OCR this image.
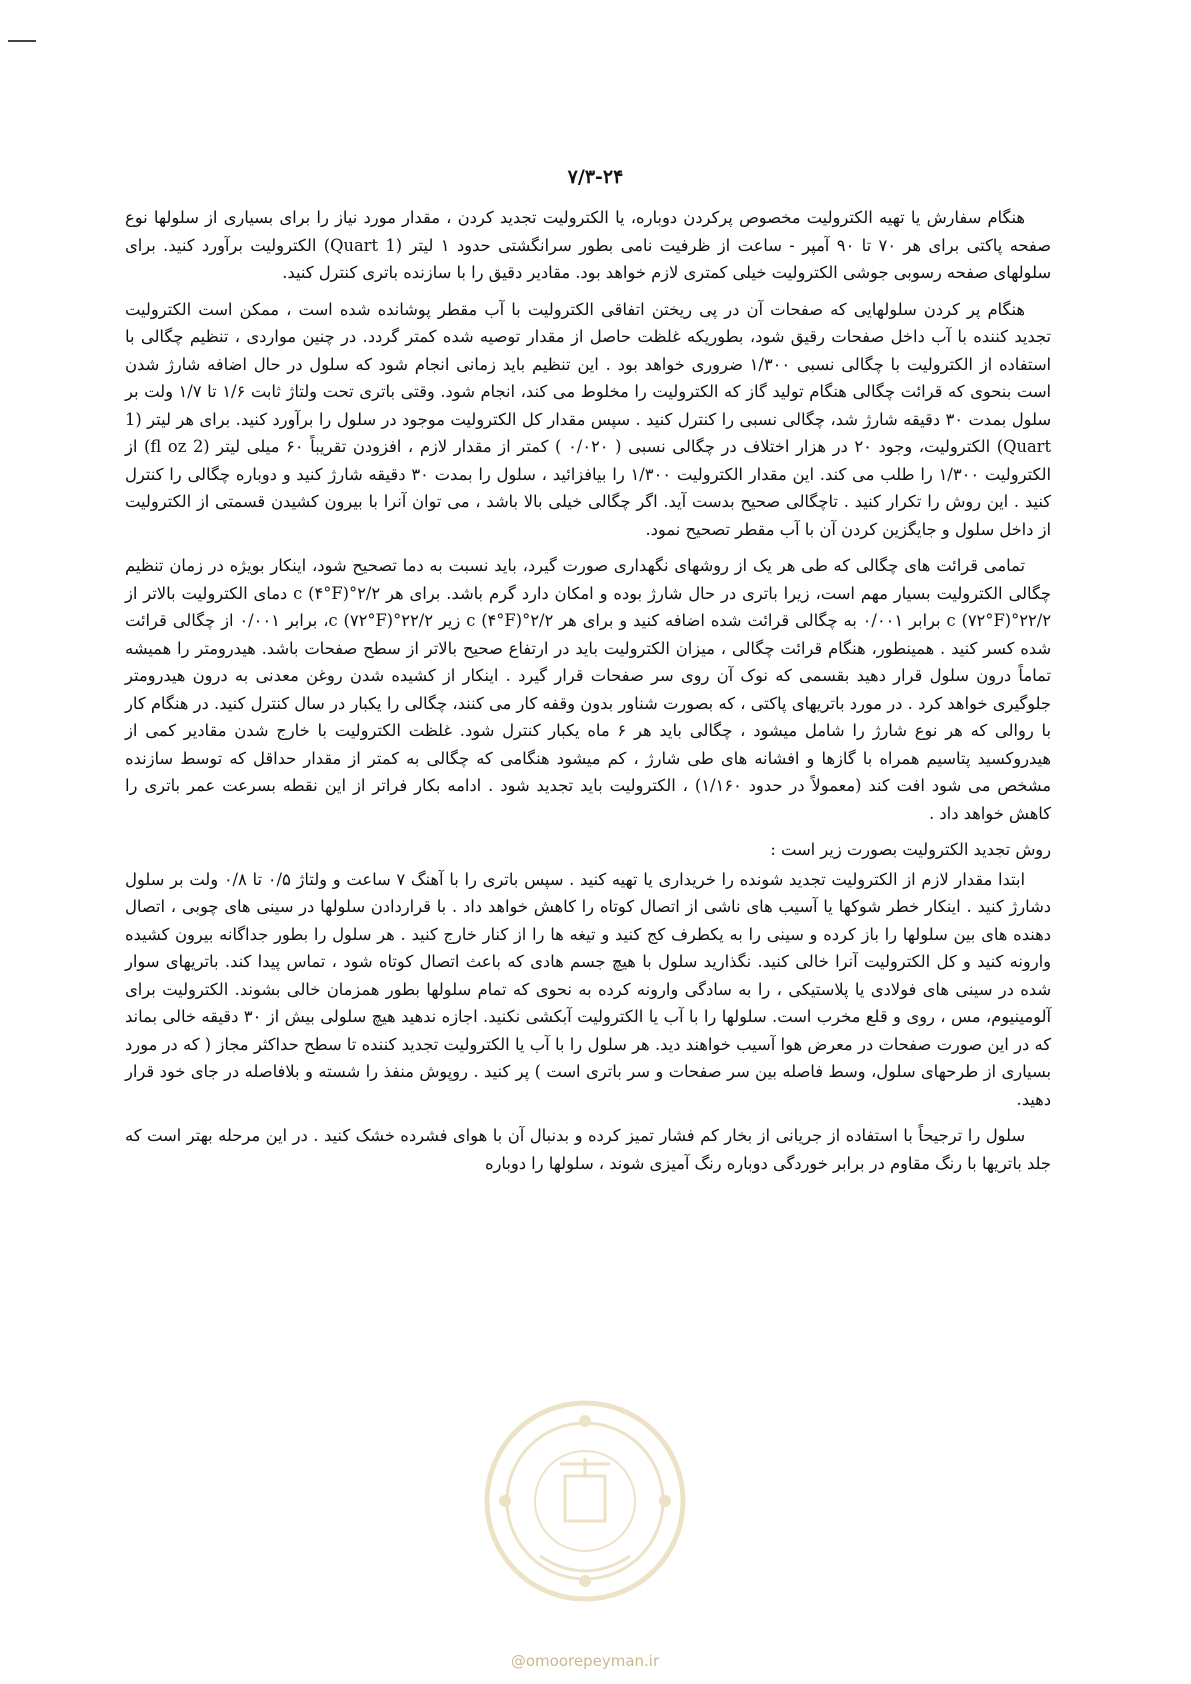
۷/۳-۲۴

هنگام سفارش یا تهیه الکترولیت مخصوص پرکردن دوباره، یا الکترولیت تجدید کردن ، مقدار مورد نیاز را برای بسیاری از سلولها نوع صفحه پاکتی برای هر ۷۰ تا ۹۰ آمپر - ساعت از ظرفیت نامی بطور سرانگشتی حدود ۱ لیتر (1 Quart) الکترولیت برآورد کنید. برای سلولهای صفحه رسوبی جوشی الکترولیت خیلی کمتری لازم خواهد بود. مقادیر دقیق را با سازنده باتری کنترل کنید.

هنگام پر کردن سلولهایی که صفحات آن در پی ریختن اتفاقی الکترولیت با آب مقطر پوشانده شده است ، ممکن است الکترولیت تجدید کننده با آب داخل صفحات رقیق شود، بطوریکه غلظت حاصل از مقدار توصیه شده کمتر گردد. در چنین مواردی ، تنظیم چگالی با استفاده از الکترولیت با چگالی نسبی ۱/۳۰۰ ضروری خواهد بود . این تنظیم باید زمانی انجام شود که سلول در حال اضافه شارژ شدن است بنحوی که قرائت چگالی هنگام تولید گاز که الکترولیت را مخلوط می کند، انجام شود. وقتی باتری تحت ولتاژ ثابت ۱/۶ تا ۱/۷ ولت بر سلول بمدت ۳۰ دقیقه شارژ شد، چگالی نسبی را کنترل کنید . سپس مقدار کل الکترولیت موجود در سلول را برآورد کنید. برای هر لیتر (1 Quart) الکترولیت، وجود ۲۰ در هزار اختلاف در چگالی نسبی ( ۰/۰۲۰ ) کمتر از مقدار لازم ، افزودن تقریباً ۶۰ میلی لیتر (2 fl oz) از الکترولیت ۱/۳۰۰ را طلب می کند. این مقدار الکترولیت ۱/۳۰۰ را بیافزائید ، سلول را بمدت ۳۰ دقیقه شارژ کنید و دوباره چگالی را کنترل کنید . این روش را تکرار کنید . تاچگالی صحیح بدست آید. اگر چگالی خیلی بالا باشد ، می توان آنرا با بیرون کشیدن قسمتی از الکترولیت از داخل سلول و جایگزین کردن آن با آب مقطر تصحیح نمود.

تمامی قرائت های چگالی که طی هر یک از روشهای نگهداری صورت گیرد، باید نسبت به دما تصحیح شود، اینکار بویژه در زمان تنظیم چگالی الکترولیت بسیار مهم است، زیرا باتری در حال شارژ بوده و امکان دارد گرم باشد. برای هر ۲/۲°c (۴°F) دمای الکترولیت بالاتر از ۲۲/۲°c (۷۲°F) برابر ۰/۰۰۱ به چگالی قرائت شده اضافه کنید و برای هر ۲/۲°c (۴°F) زیر ۲۲/۲°c (۷۲°F)، برابر ۰/۰۰۱ از چگالی قرائت شده کسر کنید . همینطور، هنگام قرائت چگالی ، میزان الکترولیت باید در ارتفاع صحیح بالاتر از سطح صفحات باشد. هیدرومتر را همیشه تماماً درون سلول قرار دهید بقسمی که نوک آن روی سر صفحات قرار گیرد . اینکار از کشیده شدن روغن معدنی به درون هیدرومتر جلوگیری خواهد کرد . در مورد باتریهای پاکتی ، که بصورت شناور بدون وقفه کار می کنند، چگالی را یکبار در سال کنترل کنید. در هنگام کار با روالی که هر نوع شارژ را شامل میشود ، چگالی باید هر ۶ ماه یکبار کنترل شود. غلظت الکترولیت با خارج شدن مقادیر کمی از هیدروکسید پتاسیم همراه با گازها و افشانه های طی شارژ ، کم میشود هنگامی که چگالی به کمتر از مقدار حداقل که توسط سازنده مشخص می شود افت کند (معمولاً در حدود ۱/۱۶۰) ، الکترولیت باید تجدید شود . ادامه بکار فراتر از این نقطه بسرعت عمر باتری را کاهش خواهد داد .

روش تجدید الکترولیت بصورت زیر است :

ابتدا مقدار لازم از الکترولیت تجدید شونده را خریداری یا تهیه کنید . سپس باتری را با آهنگ ۷ ساعت و ولتاژ ۰/۵ تا ۰/۸ ولت بر سلول دشارژ کنید . اینکار خطر شوکها یا آسیب های ناشی از اتصال کوتاه را کاهش خواهد داد . با قراردادن سلولها در سینی های چوبی ، اتصال دهنده های بین سلولها را باز کرده و سینی را به یکطرف کج کنید و تیغه ها را از کنار خارج کنید . هر سلول را بطور جداگانه بیرون کشیده وارونه کنید و کل الکترولیت آنرا خالی کنید. نگذارید سلول با هیچ جسم هادی که باعث اتصال کوتاه شود ، تماس پیدا کند. باتریهای سوار شده در سینی های فولادی یا پلاستیکی ، را به سادگی وارونه کرده به نحوی که تمام سلولها بطور همزمان خالی بشوند. الکترولیت برای آلومینیوم، مس ، روی و قلع مخرب است. سلولها را با آب یا الکترولیت آبکشی نکنید. اجازه ندهید هیچ سلولی بیش از ۳۰ دقیقه خالی بماند که در این صورت صفحات در معرض هوا آسیب خواهند دید. هر سلول را با آب یا الکترولیت تجدید کننده تا سطح حداکثر مجاز ( که در مورد بسیاری از طرحهای سلول، وسط فاصله بین سر صفحات و سر باتری است ) پر کنید . روپوش منفذ را شسته و بلافاصله در جای خود قرار دهید.

سلول را ترجیحاً با استفاده از جریانی از بخار کم فشار تمیز کرده و بدنبال آن با هوای فشرده خشک کنید . در این مرحله بهتر است که جلد باتریها با رنگ مقاوم در برابر خوردگی دوباره رنگ آمیزی شوند ، سلولها را دوباره

@omoorepeyman.ir
